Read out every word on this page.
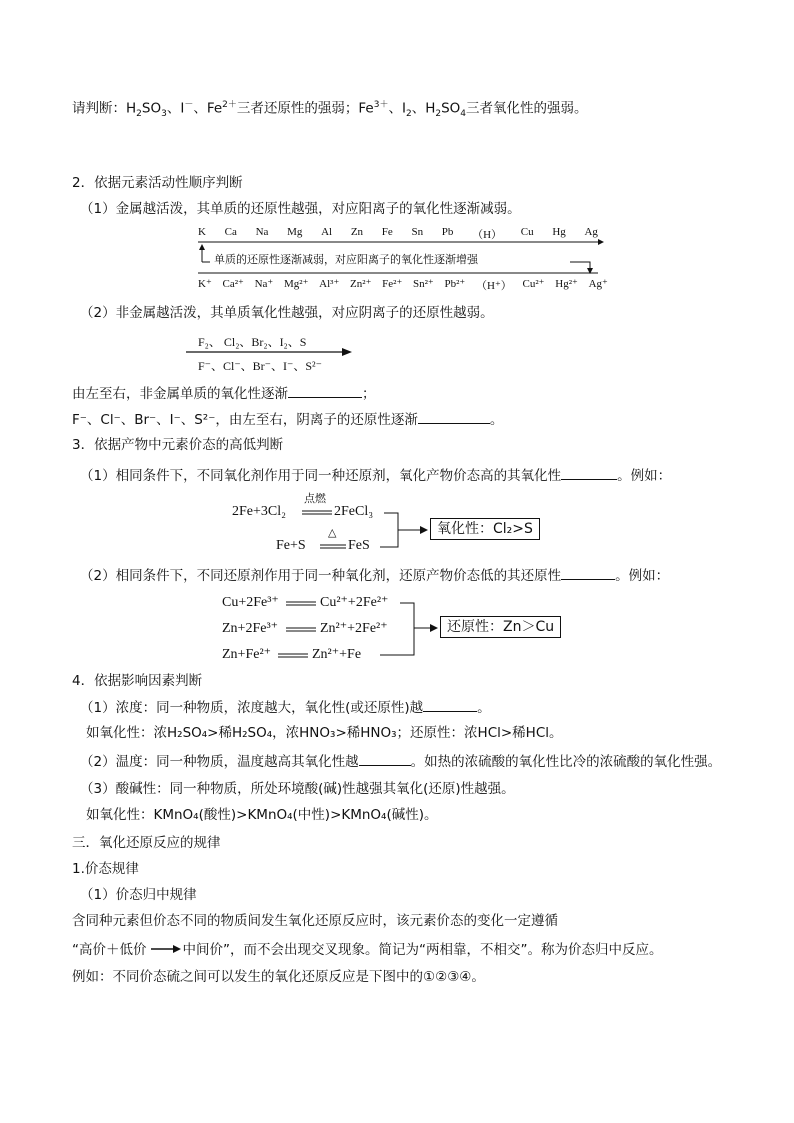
请判断：$H_2SO_3$、I－、$Fe^{2+}$三者还原性的强弱；$Fe^{3+}$、$I_2$、$H_2SO_4$三者氧化性的强弱。
2．依据元素活动性顺序判断
（1）金属越活泼，其单质的还原性越强，对应阳离子的氧化性逐渐减弱。
K Ca Na Mg Al Zn Fe Sn Pb （H） Cu Hg Ag
单质的还原性逐渐减弱，对应阳离子的氧化性逐渐增强
K⁺ Ca²⁺ Na⁺ Mg²⁺ Al³⁺ Zn²⁺ Fe²⁺ Sn²⁺ Pb²⁺ （H⁺） Cu²⁺ Hg²⁺ Ag⁺
（2）非金属越活泼，其单质氧化性越强，对应阴离子的还原性越弱。
F₂、 Cl₂、Br₂、I₂、S
F⁻、Cl⁻、Br⁻、I⁻、S²⁻
由左至右，非金属单质的氧化性逐渐	；
F⁻、Cl⁻、Br⁻、I⁻、S²⁻，由左至右，阴离子的还原性逐渐	。
3．依据产物中元素价态的高低判断
（1）相同条件下，不同氧化剂作用于同一种还原剂，氧化产物价态高的其氧化性	。例如：
2Fe+3Cl₂
点燃
2FeCl₃
Fe+S
△
FeS
氧化性：Cl₂>S
（2）相同条件下，不同还原剂作用于同一种氧化剂，还原产物价态低的其还原性	。例如：
Cu+2Fe³⁺	Cu²⁺+2Fe²⁺
Zn+2Fe³⁺	Zn²⁺+2Fe²⁺
Zn+Fe²⁺	Zn²⁺+Fe
还原性：Zn＞Cu
4．依据影响因素判断
（1）浓度：同一种物质，浓度越大，氧化性(或还原性)越	。
如氧化性：浓H₂SO₄>稀H₂SO₄，浓HNO₃>稀HNO₃；还原性：浓HCl>稀HCl。
（2）温度：同一种物质，温度越高其氧化性越	。如热的浓硫酸的氧化性比冷的浓硫酸的氧化性强。
（3）酸碱性：同一种物质，所处环境酸(碱)性越强其氧化(还原)性越强。
如氧化性：KMnO₄(酸性)>KMnO₄(中性)>KMnO₄(碱性)。
三．氧化还原反应的规律
1.价态规律
（1）价态归中规律
含同种元素但价态不同的物质间发生氧化还原反应时，该元素价态的变化一定遵循
“高价＋低价	中间价”，而不会出现交叉现象。简记为“两相靠，不相交”。称为价态归中反应。
例如：不同价态硫之间可以发生的氧化还原反应是下图中的①②③④。
